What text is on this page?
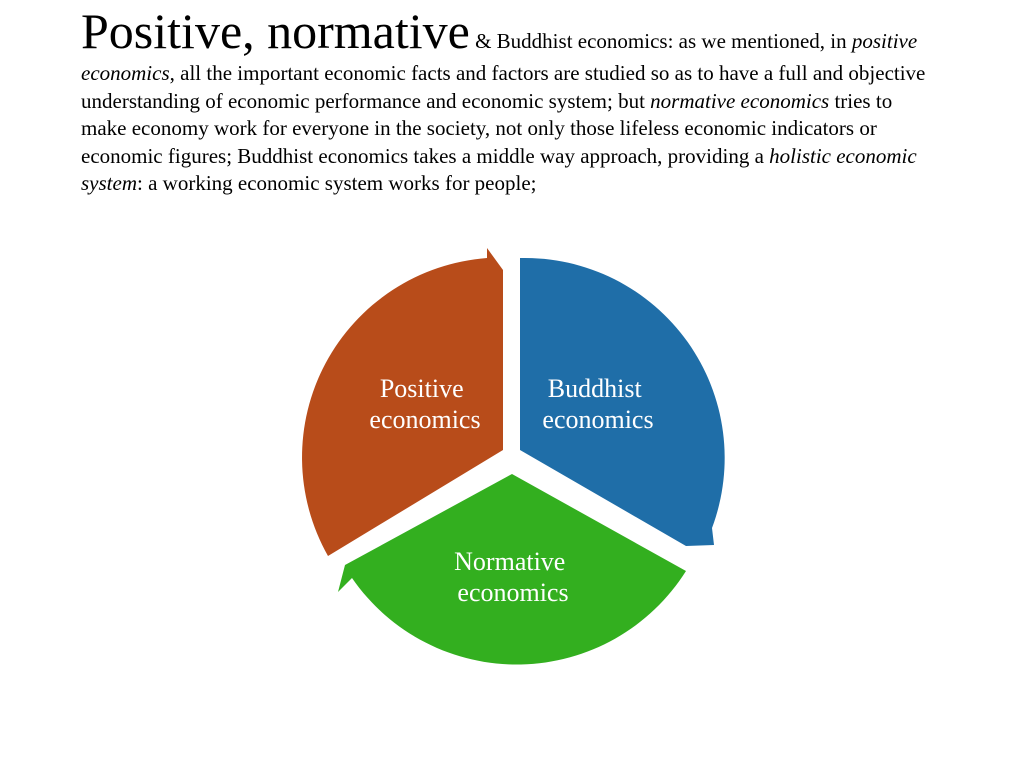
Positive, normative & Buddhist economics: as we mentioned, in positive economics, all the important economic facts and factors are studied so as to have a full and objective understanding of economic performance and economic system; but normative economics tries to make economy work for everyone in the society, not only those lifeless economic indicators or economic figures; Buddhist economics takes a middle way approach, providing a holistic economic system: a working economic system works for people;
Positive economics
Buddhist economics
Normative economics
